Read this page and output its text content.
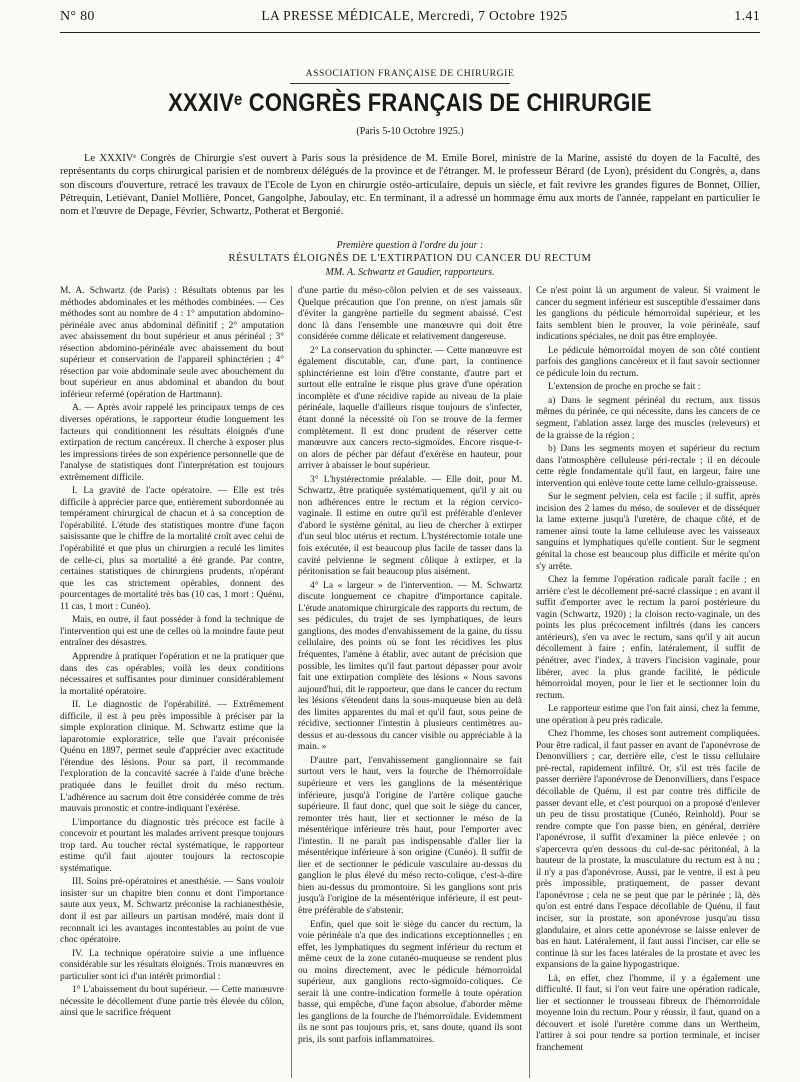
N° 80	LA PRESSE MÉDICALE, Mercredi, 7 Octobre 1925	1.41
ASSOCIATION FRANÇAISE DE CHIRURGIE
XXXIVᵉ CONGRÈS FRANÇAIS DE CHIRURGIE
(Paris 5-10 Octobre 1925.)
Le XXXIVᵉ Congrès de Chirurgie s'est ouvert à Paris sous la présidence de M. Emile Borel, ministre de la Marine, assisté du doyen de la Faculté, des représentants du corps chirurgical parisien et de nombreux délégués de la province et de l'étranger. M. le professeur Bérard (de Lyon), président du Congrès, a, dans son discours d'ouverture, retracé les travaux de l'Ecole de Lyon en chirurgie ostéo-articulaire, depuis un siècle, et fait revivre les grandes figures de Bonnet, Ollier, Pétrequin, Letiévant, Daniel Mollière, Poncet, Gangolphe, Jaboulay, etc. En terminant, il a adressé un hommage ému aux morts de l'année, rappelant en particulier le nom et l'œuvre de Depage, Février, Schwartz, Potherat et Bergonié.
Première question à l'ordre du jour :
RÉSULTATS ÉLOIGNÉS DE L'EXTIRPATION DU CANCER DU RECTUM
MM. A. Schwartz et Gaudier, rapporteurs.

M. A. Schwartz (de Paris) : Résultats obtenus par les méthodes abdominales et les méthodes combinées. — Ces méthodes sont au nombre de 4 : 1° amputation abdomino-périnéale avec anus abdominal définitif ; 2° amputation avec abaissement du bout supérieur et anus périnéal ; 3° résection abdomino-périnéale avec abaissement du bout supérieur et conservation de l'appareil sphinctérien ; 4° résection par voie abdominale seule avec abouchement du bout supérieur en anus abdominal et abandon du bout inférieur refermé (opération de Hartmann).

A. — Après avoir rappelé les principaux temps de ces diverses opérations, le rapporteur étudie longuement les facteurs qui conditionnent les résultats éloignés d'une extirpation de rectum cancéreux. Il cherche à exposer plus les impressions tirées de son expérience personnelle que de l'analyse de statistiques dont l'interprétation est toujours extrêmement difficile.

I. La gravité de l'acte opératoire. — Elle est très difficile à apprécier parce que, entièrement subordonnée au tempérament chirurgical de chacun et à sa conception de l'opérabilité. L'étude des statistiques montre d'une façon saisissante que le chiffre de la mortalité croît avec celui de l'opérabilité et que plus un chirurgien a reculé les limites de celle-ci, plus sa mortalité a été grande. Par contre, certaines statistiques de chirurgiens prudents, n'opérant que les cas strictement opérables, donnent des pourcentages de mortalité très bas (10 cas, 1 mort : Quénu, 11 cas, 1 mort : Cunéo).

Mais, en outre, il faut posséder à fond la technique de l'intervention qui est une de celles où la moindre faute peut entraîner des désastres.

Apprendre à pratiquer l'opération et ne la pratiquer que dans des cas opérables, voilà les deux conditions nécessaires et suffisantes pour diminuer considérablement la mortalité opératoire.

II. Le diagnostic de l'opérabilité. — Extrêmement difficile, il est à peu près impossible à préciser par la simple exploration clinique. M. Schwartz estime que la laparotomie exploratrice, telle que l'avait préconisée Quénu en 1897, permet seule d'apprécier avec exactitude l'étendue des lésions. Pour sa part, il recommande l'exploration de la concavité sacrée à l'aide d'une brèche pratiquée dans le feuillet droit du méso rectum. L'adhérence au sacrum doit être considérée comme de très mauvais pronostic et contre-indiquant l'exérèse.

L'importance du diagnostic très précoce est facile à concevoir et pourtant les malades arrivent presque toujours trop tard. Au toucher rectal systématique, le rapporteur estime qu'il faut ajouter toujours la rectoscopie systématique.

III. Soins pré-opératoires et anesthésie. — Sans vouloir insister sur un chapitre bien connu et dont l'importance saute aux yeux, M. Schwartz préconise la rachianesthésie, dont il est par ailleurs un partisan modéré, mais dont il reconnaît ici les avantages incontestables au point de vue choc opératoire.

IV. La technique opératoire suivie a une influence considérable sur les résultats éloignés. Trois manœuvres en particulier sont ici d'un intérêt primordial :

1° L'abaissement du bout supérieur. — Cette manœuvre nécessite le décollement d'une partie très élevée du côlon, ainsi que le sacrifice fréquent

d'une partie du méso-côlon pelvien et de ses vaisseaux. Quelque précaution que l'on prenne, on n'est jamais sûr d'éviter la gangrène partielle du segment abaissé. C'est donc là dans l'ensemble une manœuvre qui doit être considérée comme délicate et relativement dangereuse.

2° La conservation du sphincter. — Cette manœuvre est également discutable, car, d'une part, la continence sphinctérienne est loin d'être constante, d'autre part et surtout elle entraîne le risque plus grave d'une opération incomplète et d'une récidive rapide au niveau de la plaie périnéale, laquelle d'ailleurs risque toujours de s'infecter, étant donné la nécessité où l'on se trouve de la fermer complètement. Il est donc prudent de réserver cette manœuvre aux cancers recto-sigmoïdes. Encore risque-t-on alors de pécher par défaut d'exérèse en hauteur, pour arriver à abaisser le bout supérieur.

3° L'hystérectomie préalable. — Elle doit, pour M. Schwartz, être pratiquée systématiquement, qu'il y ait ou non adhérences entre le rectum et la région cervico-vaginale. Il estime en outre qu'il est préférable d'enlever d'abord le système génital, au lieu de chercher à extirper d'un seul bloc utérus et rectum. L'hystérectomie totale une fois exécutée, il est beaucoup plus facile de tasser dans la cavité pelvienne le segment côlique à extirper, et la péritonisation se fait beaucoup plus aisément.

4° La « largeur » de l'intervention. — M. Schwartz discute longuement ce chapitre d'importance capitale. L'étude anatomique chirurgicale des rapports du rectum, de ses pédicules, du trajet de ses lymphatiques, de leurs ganglions, des modes d'envahissement de la gaine, du tissu cellulaire, des points où se font les récidives les plus fréquentes, l'amène à établir, avec autant de précision que possible, les limites qu'il faut partout dépasser pour avoir fait une extirpation complète des lésions « Nous savons aujourd'hui, dit le rapporteur, que dans le cancer du rectum les lésions s'étendent dans la sous-muqueuse bien au delà des limites apparentes du mal et qu'il faut, sous peine de récidive, sectionner l'intestin à plusieurs centimètres au-dessus et au-dessous du cancer visible ou appréciable à la main. »

D'autre part, l'envahissement ganglionnaire se fait surtout vers le haut, vers la fourche de l'hémorroïdale supérieure et vers les ganglions de la mésentérique inférieure, jusqu'à l'origine de l'artère colique gauche supérieure. Il faut donc, quel que soit le siège du cancer, remonter très haut, lier et sectionner le méso de la mésentérique inférieure très haut, pour l'emporter avec l'intestin. Il ne paraît pas indispensable d'aller lier la mésentérique inférieure à son origine (Cunéo). Il suffit de lier et de sectionner le pédicule vasculaire au-dessus du ganglion le plus élevé du méso recto-colique, c'est-à-dire bien au-dessus du promontoire. Si les ganglions sont pris jusqu'à l'origine de la mésentérique inférieure, il est peut-être préférable de s'abstenir.

Enfin, quel que soit le siège du cancer du rectum, la voie périnéale n'a que des indications exceptionnelles ; en effet, les lymphatiques du segment inférieur du rectum et même ceux de la zone cutanéo-muqueuse se rendent plus ou moins directement, avec le pédicule hémorroïdal supérieur, aux ganglions recto-sigmoïdo-coliques. Ce serait là une contre-indication formelle à toute opération basse, qui empêche, d'une façon absolue, d'aborder même les ganglions de la fourche de l'hémorroïdale. Evidemment ils ne sont pas toujours pris, et, sans doute, quand ils sont pris, ils sont parfois inflammatoires.

Ce n'est point là un argument de valeur. Si vraiment le cancer du segment inférieur est susceptible d'essaimer dans les ganglions du pédicule hémorroïdal supérieur, et les faits semblent bien le prouver, la voie périnéale, sauf indications spéciales, ne doit pas être employée.

Le pédicule hémorroïdal moyen de son côté contient parfois des ganglions cancéreux et il faut savoir sectionner ce pédicule loin du rectum.

L'extension de proche en proche se fait :

a) Dans le segment périnéal du rectum, aux tissus mêmes du périnée, ce qui nécessite, dans les cancers de ce segment, l'ablation assez large des muscles (releveurs) et de la graisse de la région ;

b) Dans les segments moyen et supérieur du rectum dans l'atmosphère celluleuse péri-rectale ; il en découle cette règle fondamentale qu'il faut, en largeur, faire une intervention qui enlève toute cette lame cellulo-graisseuse.

Sur le segment pelvien, cela est facile ; il suffit, après incision des 2 lames du méso, de soulever et de disséquer la lame externe jusqu'à l'uretère, de chaque côté, et de ramener ainsi toute la lame celluleuse avec les vaisseaux sanguins et lymphatiques qu'elle contient. Sur le segment génital la chose est beaucoup plus difficile et mérite qu'on s'y arrête.

Chez la femme l'opération radicale paraît facile ; en arrière c'est le décollement pré-sacré classique ; en avant il suffit d'emporter avec le rectum la paroi postérieure du vagin (Schwartz, 1920) ; la cloison recto-vaginale, un des points les plus précocement infiltrés (dans les cancers antérieurs), s'en va avec le rectum, sans qu'il y ait aucun décollement à faire ; enfin, latéralement, il suffit de pénétrer, avec l'index, à travers l'incision vaginale, pour libérer, avec la plus grande facilité, le pédicule hémorroïdal moyen, pour le lier et le sectionner loin du rectum.

Le rapporteur estime que l'on fait ainsi, chez la femme, une opération à peu près radicale.

Chez l'homme, les choses sont autrement compliquées. Pour être radical, il faut passer en avant de l'aponévrose de Denonvilliers ; car, derrière elle, c'est le tissu cellulaire pré-rectal, rapidement infiltré. Or, s'il est très facile de passer derrière l'aponévrose de Denonvilliers, dans l'espace décollable de Quénu, il est par contre très difficile de passer devant elle, et c'est pourquoi on a proposé d'enlever un peu de tissu prostatique (Cunéo, Reinhold). Pour se rendre compte que l'on passe bien, en général, derrière l'aponévrose, il suffit d'examiner la pièce enlevée ; on s'apercevra qu'en dessous du cul-de-sac péritonéal, à la hauteur de la prostate, la musculature du rectum est à nu ; il n'y a pas d'aponévrose. Aussi, par le ventre, il est à peu près impossible, pratiquement, de passer devant l'aponévrose ; cela ne se peut que par le périnée ; là, dès qu'on est entré dans l'espace décollable de Quénu, il faut inciser, sur la prostate, son aponévrose jusqu'au tissu glandulaire, et alors cette aponévrose se laisse enlever de bas en haut. Latéralement, il faut aussi l'inciser, car elle se continue là sur les faces latérales de la prostate et avec les expansions de la gaine hypogastrique.

Là, en effet, chez l'homme, il y a également une difficulté. Il faut, si l'on veut faire une opération radicale, lier et sectionner le trousseau fibreux de l'hémorroïdale moyenne loin du rectum. Pour y réussir, il faut, quand on a découvert et isolé l'uretère comme dans un Wertheim, l'attirer à soi pour tendre sa portion terminale, et inciser franchement
